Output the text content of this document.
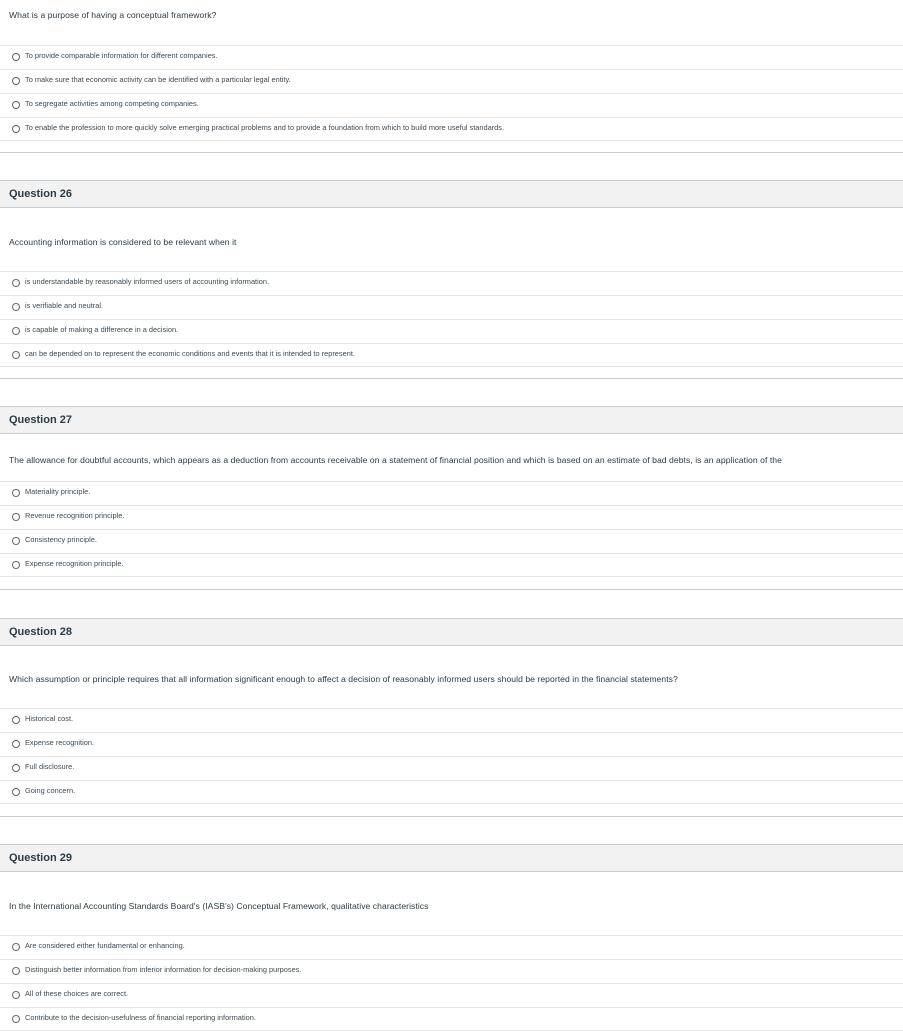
What is a purpose of having a conceptual framework?
To provide comparable information for different companies.
To make sure that economic activity can be identified with a particular legal entity.
To segregate activities among competing companies.
To enable the profession to more quickly solve emerging practical problems and to provide a foundation from which to build more useful standards.
Question 26
Accounting information is considered to be relevant when it
is understandable by reasonably informed users of accounting information.
is verifiable and neutral.
is capable of making a difference in a decision.
can be depended on to represent the economic conditions and events that it is intended to represent.
Question 27
The allowance for doubtful accounts, which appears as a deduction from accounts receivable on a statement of financial position and which is based on an estimate of bad debts, is an application of the
Materiality principle.
Revenue recognition principle.
Consistency principle.
Expense recognition principle.
Question 28
Which assumption or principle requires that all information significant enough to affect a decision of reasonably informed users should be reported in the financial statements?
Historical cost.
Expense recognition.
Full disclosure.
Going concern.
Question 29
In the International Accounting Standards Board's (IASB's) Conceptual Framework, qualitative characteristics
Are considered either fundamental or enhancing.
Distinguish better information from inferior information for decision-making purposes.
All of these choices are correct.
Contribute to the decision-usefulness of financial reporting information.
